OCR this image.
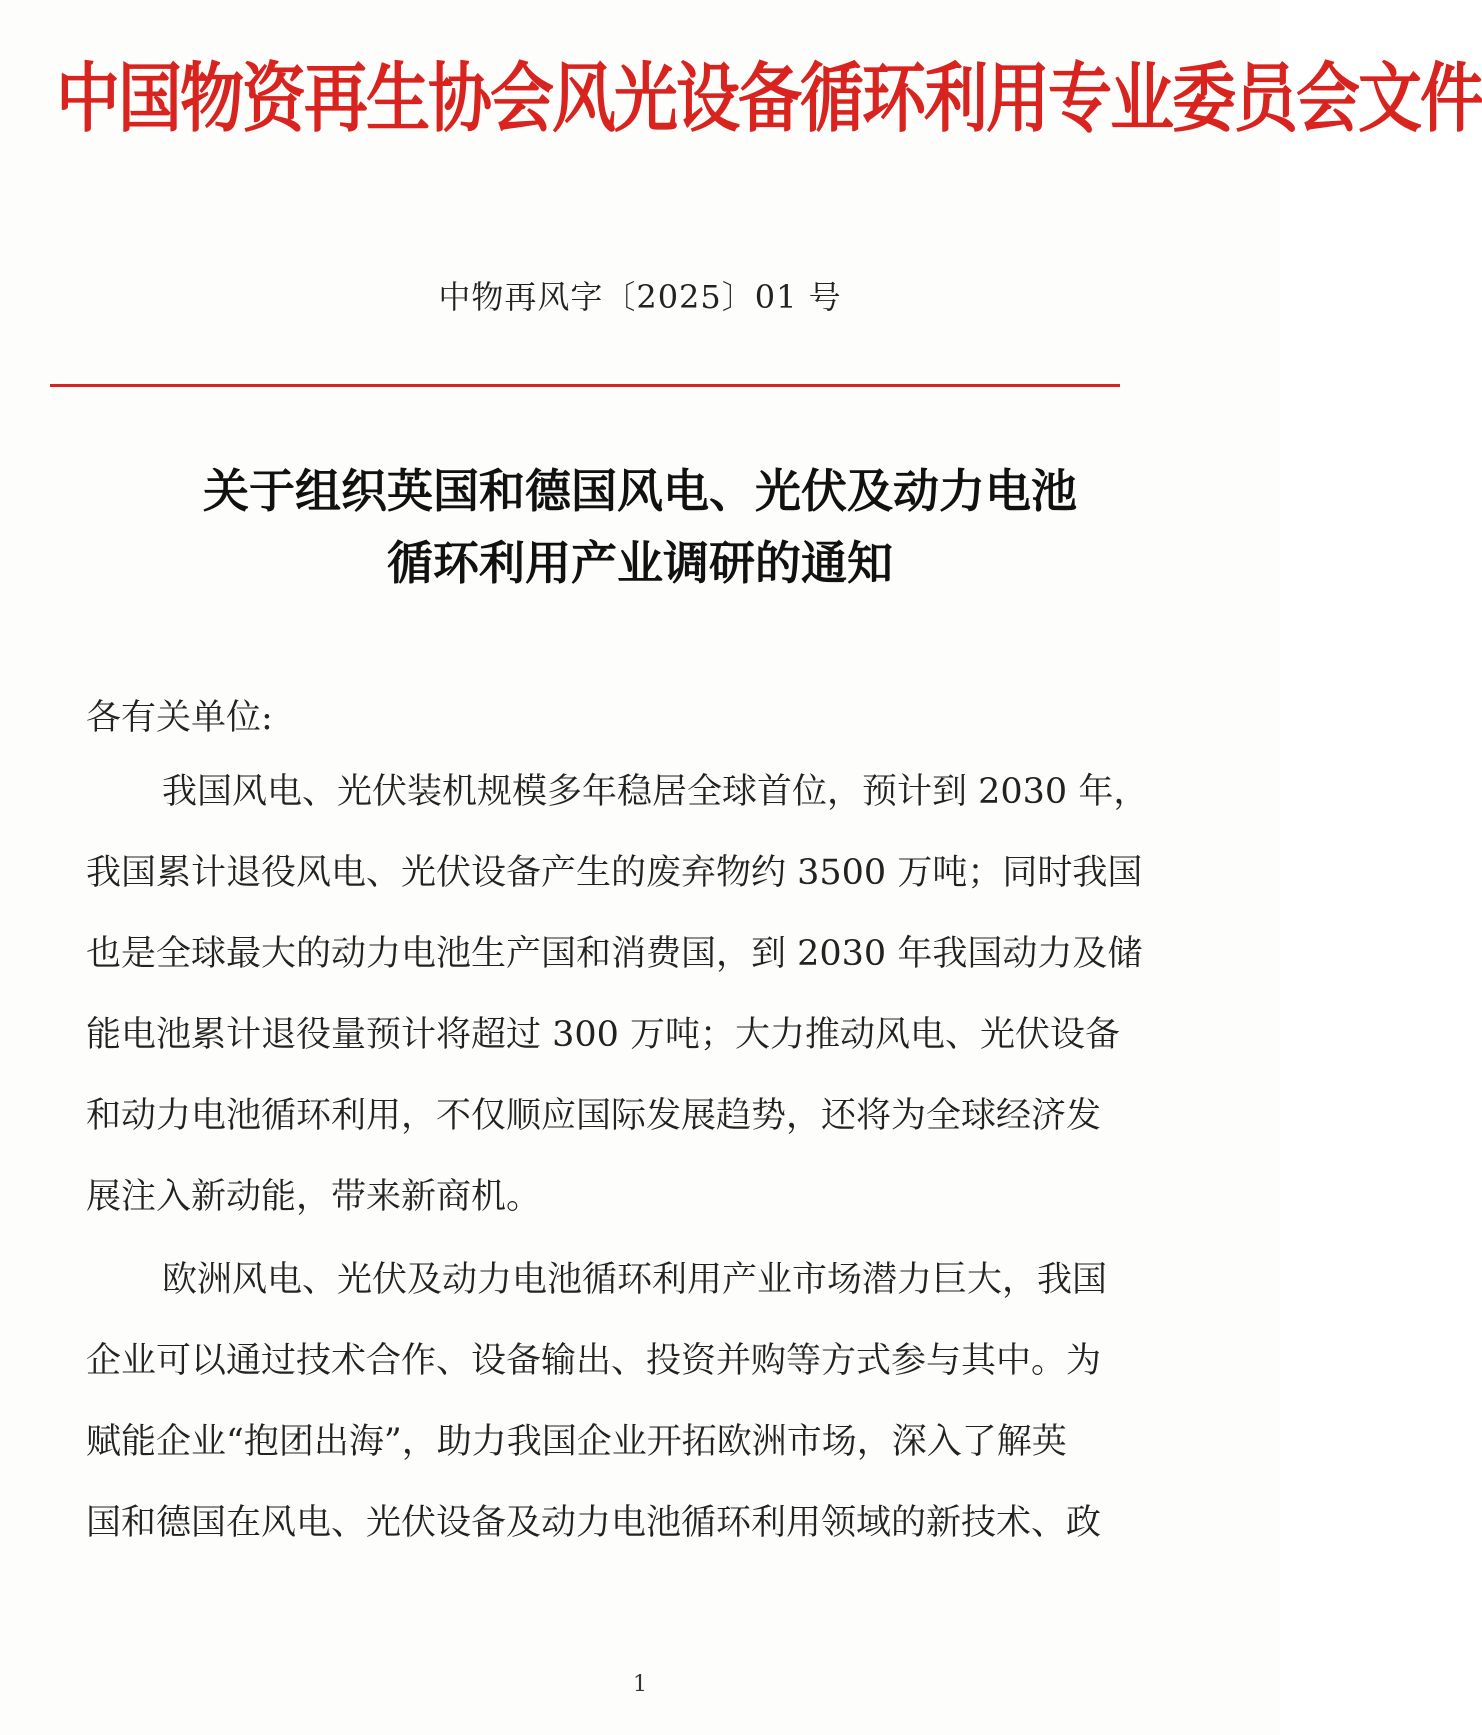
中国物资再生协会风光设备循环利用专业委员会文件
中物再风字〔2025〕01 号
关于组织英国和德国风电、光伏及动力电池
循环利用产业调研的通知
各有关单位:
我国风电、光伏装机规模多年稳居全球首位，预计到 2030 年，
我国累计退役风电、光伏设备产生的废弃物约 3500 万吨；同时我国
也是全球最大的动力电池生产国和消费国，到 2030 年我国动力及储
能电池累计退役量预计将超过 300 万吨；大力推动风电、光伏设备
和动力电池循环利用，不仅顺应国际发展趋势，还将为全球经济发
展注入新动能，带来新商机。
欧洲风电、光伏及动力电池循环利用产业市场潜力巨大，我国
企业可以通过技术合作、设备输出、投资并购等方式参与其中。为
赋能企业“抱团出海”，助力我国企业开拓欧洲市场，深入了解英
国和德国在风电、光伏设备及动力电池循环利用领域的新技术、政
1
